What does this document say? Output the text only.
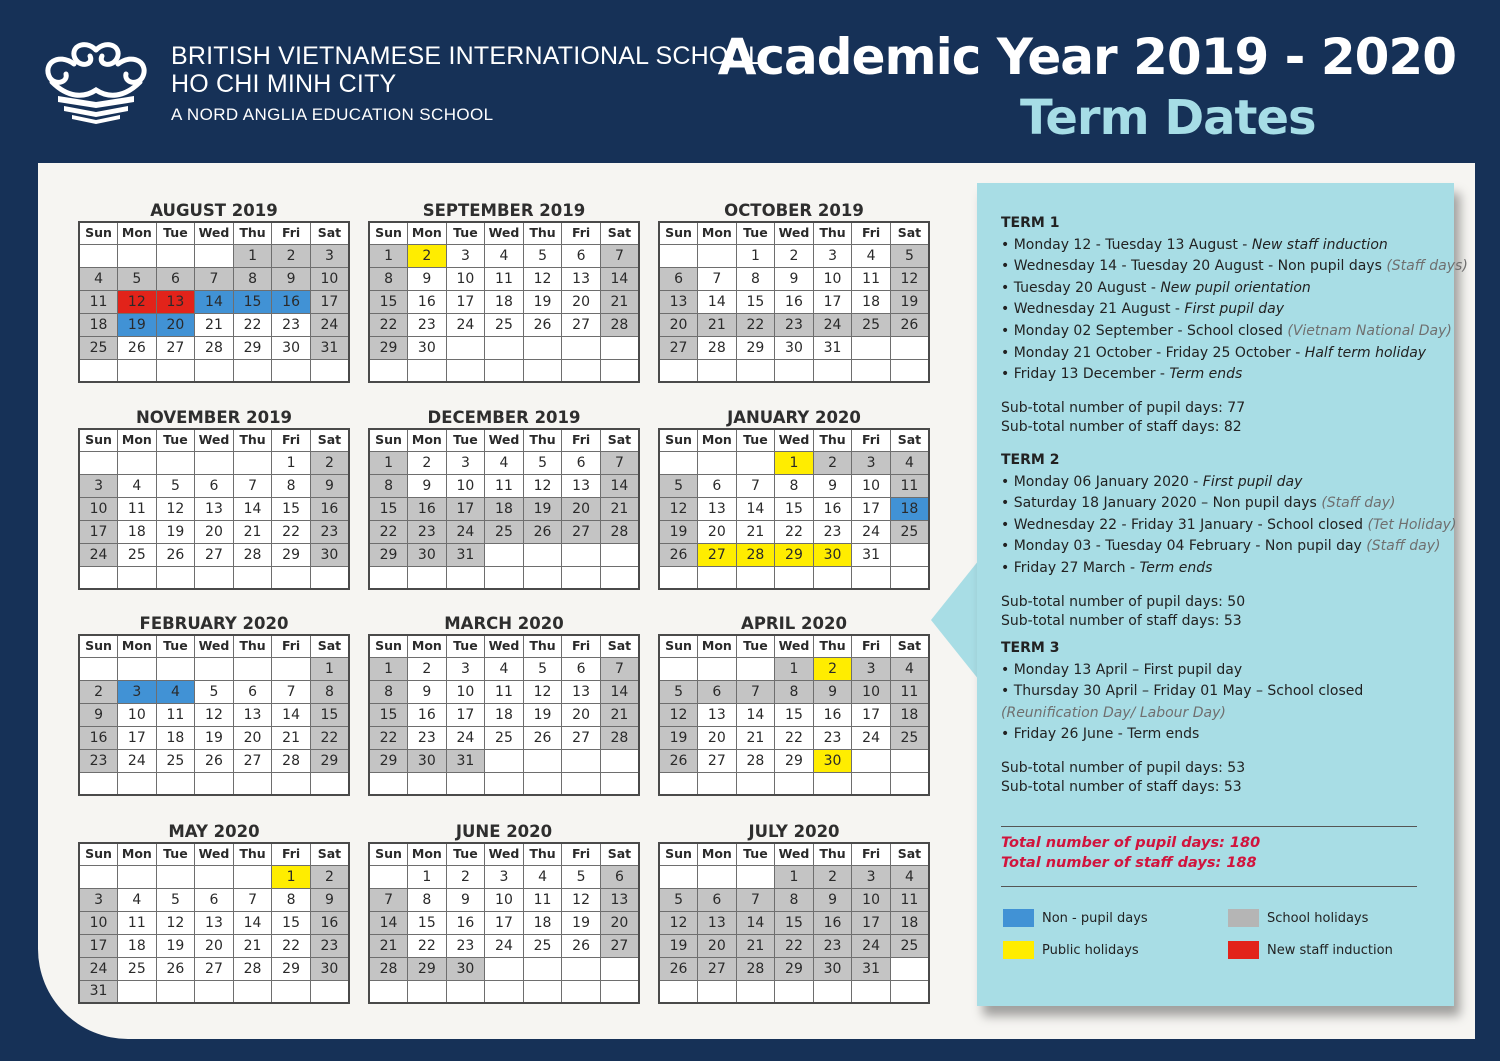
BRITISH VIETNAMESE INTERNATIONAL SCHOOL
HO CHI MINH CITY
A NORD ANGLIA EDUCATION SCHOOL
Academic Year 2019 - 2020
Term Dates
AUGUST 2019
Sun	Mon	Tue	Wed	Thu	Fri	Sat
				1	2	3
4	5	6	7	8	9	10
11	12	13	14	15	16	17
18	19	20	21	22	23	24
25	26	27	28	29	30	31

SEPTEMBER 2019
Sun	Mon	Tue	Wed	Thu	Fri	Sat
1	2	3	4	5	6	7
8	9	10	11	12	13	14
15	16	17	18	19	20	21
22	23	24	25	26	27	28
29	30					

OCTOBER 2019
Sun	Mon	Tue	Wed	Thu	Fri	Sat
		1	2	3	4	5
6	7	8	9	10	11	12
13	14	15	16	17	18	19
20	21	22	23	24	25	26
27	28	29	30	31		

NOVEMBER 2019
Sun	Mon	Tue	Wed	Thu	Fri	Sat
					1	2
3	4	5	6	7	8	9
10	11	12	13	14	15	16
17	18	19	20	21	22	23
24	25	26	27	28	29	30

DECEMBER 2019
Sun	Mon	Tue	Wed	Thu	Fri	Sat
1	2	3	4	5	6	7
8	9	10	11	12	13	14
15	16	17	18	19	20	21
22	23	24	25	26	27	28
29	30	31				

JANUARY 2020
Sun	Mon	Tue	Wed	Thu	Fri	Sat
			1	2	3	4
5	6	7	8	9	10	11
12	13	14	15	16	17	18
19	20	21	22	23	24	25
26	27	28	29	30	31	

FEBRUARY 2020
Sun	Mon	Tue	Wed	Thu	Fri	Sat
						1
2	3	4	5	6	7	8
9	10	11	12	13	14	15
16	17	18	19	20	21	22
23	24	25	26	27	28	29

MARCH 2020
Sun	Mon	Tue	Wed	Thu	Fri	Sat
1	2	3	4	5	6	7
8	9	10	11	12	13	14
15	16	17	18	19	20	21
22	23	24	25	26	27	28
29	30	31				

APRIL 2020
Sun	Mon	Tue	Wed	Thu	Fri	Sat
			1	2	3	4
5	6	7	8	9	10	11
12	13	14	15	16	17	18
19	20	21	22	23	24	25
26	27	28	29	30		

MAY 2020
Sun	Mon	Tue	Wed	Thu	Fri	Sat
					1	2
3	4	5	6	7	8	9
10	11	12	13	14	15	16
17	18	19	20	21	22	23
24	25	26	27	28	29	30
31						
JUNE 2020
Sun	Mon	Tue	Wed	Thu	Fri	Sat
	1	2	3	4	5	6
7	8	9	10	11	12	13
14	15	16	17	18	19	20
21	22	23	24	25	26	27
28	29	30				

JULY 2020
Sun	Mon	Tue	Wed	Thu	Fri	Sat
			1	2	3	4
5	6	7	8	9	10	11
12	13	14	15	16	17	18
19	20	21	22	23	24	25
26	27	28	29	30	31	

TERM 1
• Monday 12 - Tuesday 13 August - New staff induction
• Wednesday 14 - Tuesday 20 August - Non pupil days (Staff days)
• Tuesday 20 August - New pupil orientation
• Wednesday 21 August - First pupil day
• Monday 02 September - School closed (Vietnam National Day)
• Monday 21 October - Friday 25 October - Half term holiday
• Friday 13 December - Term ends
Sub-total number of pupil days: 77
Sub-total number of staff days: 82
TERM 2
• Monday 06 January 2020 - First pupil day
• Saturday 18 January 2020 – Non pupil days (Staff day)
• Wednesday 22 - Friday 31 January - School closed (Tet Holiday)
• Monday 03 - Tuesday 04 February - Non pupil day (Staff day)
• Friday 27 March - Term ends
Sub-total number of pupil days: 50
Sub-total number of staff days: 53
TERM 3
• Monday 13 April – First pupil day
• Thursday 30 April – Friday 01 May – School closed
(Reunification Day/ Labour Day)
• Friday 26 June - Term ends
Sub-total number of pupil days: 53
Sub-total number of staff days: 53
Total number of pupil days: 180
Total number of staff days: 188
Non - pupil days	School holidays
Public holidays	New staff induction
